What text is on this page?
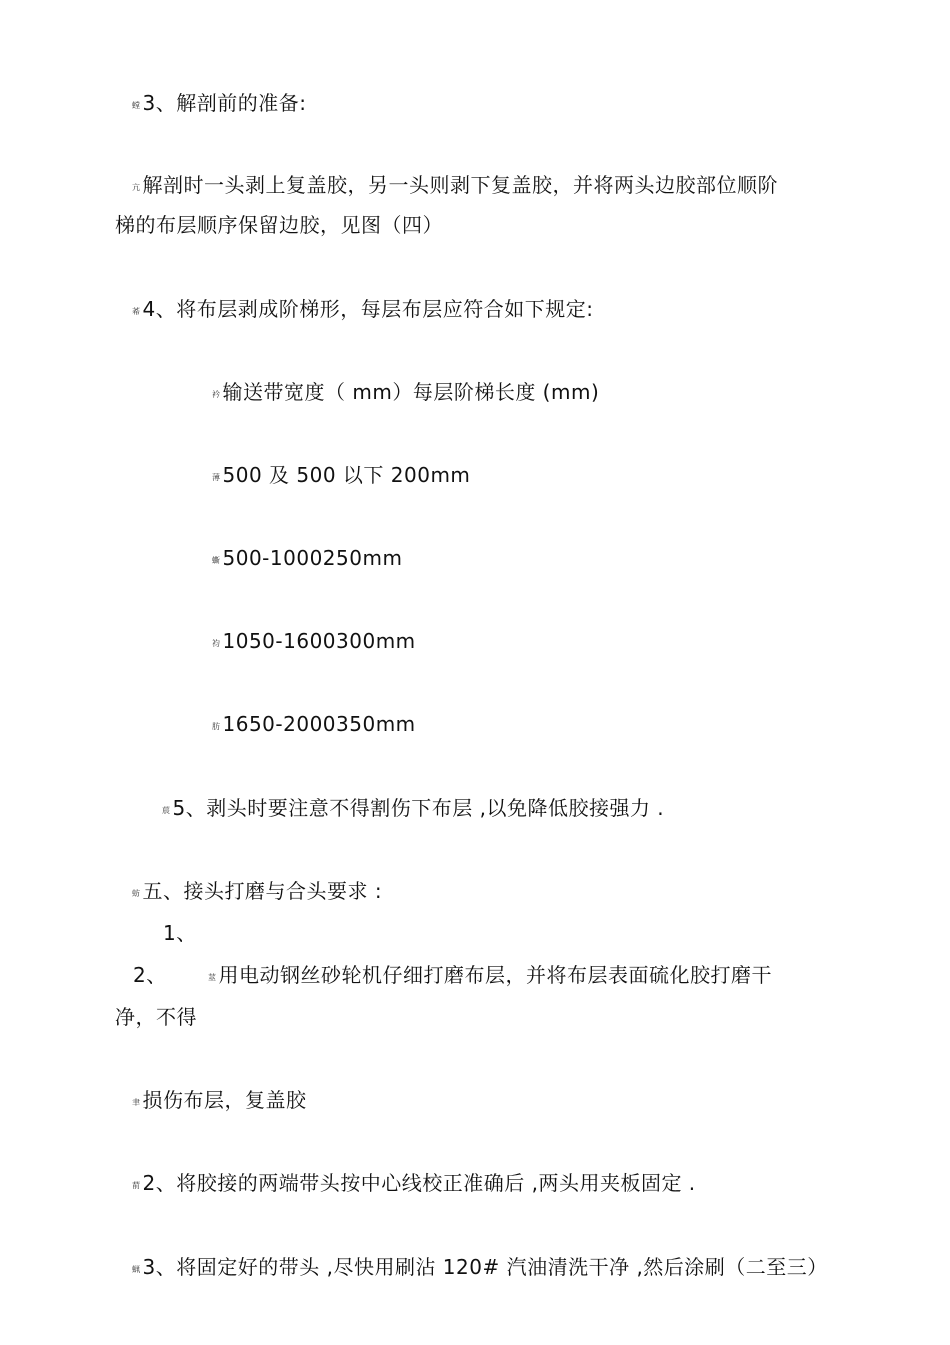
螳 3、解剖前的准备:
亢 解剖时一头剥上复盖胶，另一头则剥下复盖胶，并将两头边胶部位顺阶
梯的布层顺序保留边胶，见图（四）
莃 4、将布层剥成阶梯形，每层布层应符合如下规定:
衿 输送带宽度（ mm）每层阶梯长度 (mm)
薄 500 及 500 以下 200mm
蟖 500-1000250mm
袀 1050-1600300mm
肪 1650-2000350mm
莀 5、剥头时要注意不得割伤下布层 ,以免降低胶接强力 .
蚄 五、接头打磨与合头要求 :
1、
2、	莁 用电动钢丝砂轮机仔细打磨布层，并将布层表面硫化胶打磨干
净，不得
聿 损伤布层，复盖胶
葥 2、将胶接的两端带头按中心线校正准确后 ,两头用夹板固定 .
蝋 3、将固定好的带头 ,尽快用刷沾 120# 汽油清洗干净 ,然后涂刷（二至三）
